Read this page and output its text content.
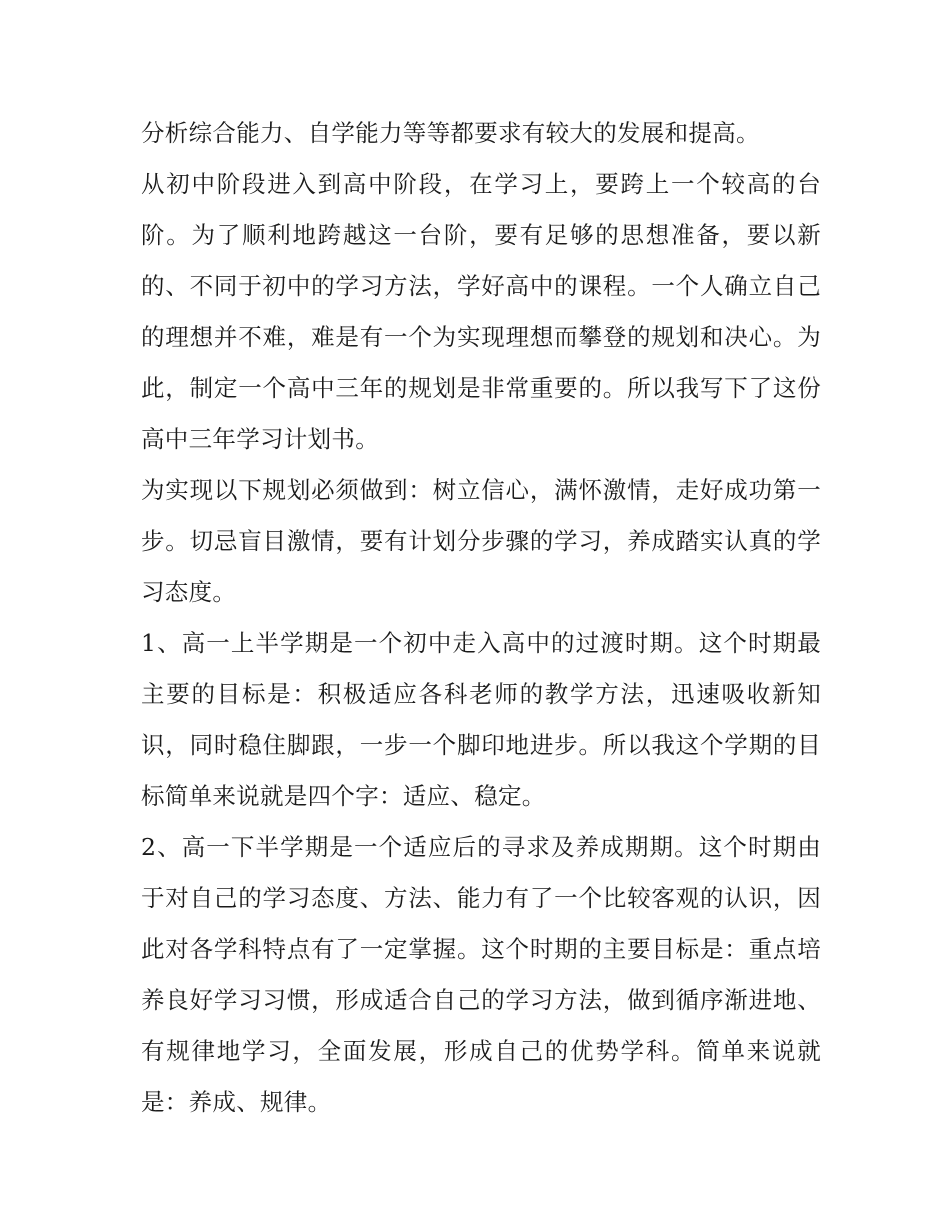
分析综合能力、自学能力等等都要求有较大的发展和提高。

从初中阶段进入到高中阶段，在学习上，要跨上一个较高的台阶。为了顺利地跨越这一台阶，要有足够的思想准备，要以新的、不同于初中的学习方法，学好高中的课程。一个人确立自己的理想并不难，难是有一个为实现理想而攀登的规划和决心。为此，制定一个高中三年的规划是非常重要的。所以我写下了这份高中三年学习计划书。

为实现以下规划必须做到：树立信心，满怀激情，走好成功第一步。切忌盲目激情，要有计划分步骤的学习，养成踏实认真的学习态度。

1、高一上半学期是一个初中走入高中的过渡时期。这个时期最主要的目标是：积极适应各科老师的教学方法，迅速吸收新知识，同时稳住脚跟，一步一个脚印地进步。所以我这个学期的目标简单来说就是四个字：适应、稳定。

2、高一下半学期是一个适应后的寻求及养成期期。这个时期由于对自己的学习态度、方法、能力有了一个比较客观的认识，因此对各学科特点有了一定掌握。这个时期的主要目标是：重点培养良好学习习惯，形成适合自己的学习方法，做到循序渐进地、有规律地学习，全面发展，形成自己的优势学科。简单来说就是：养成、规律。
